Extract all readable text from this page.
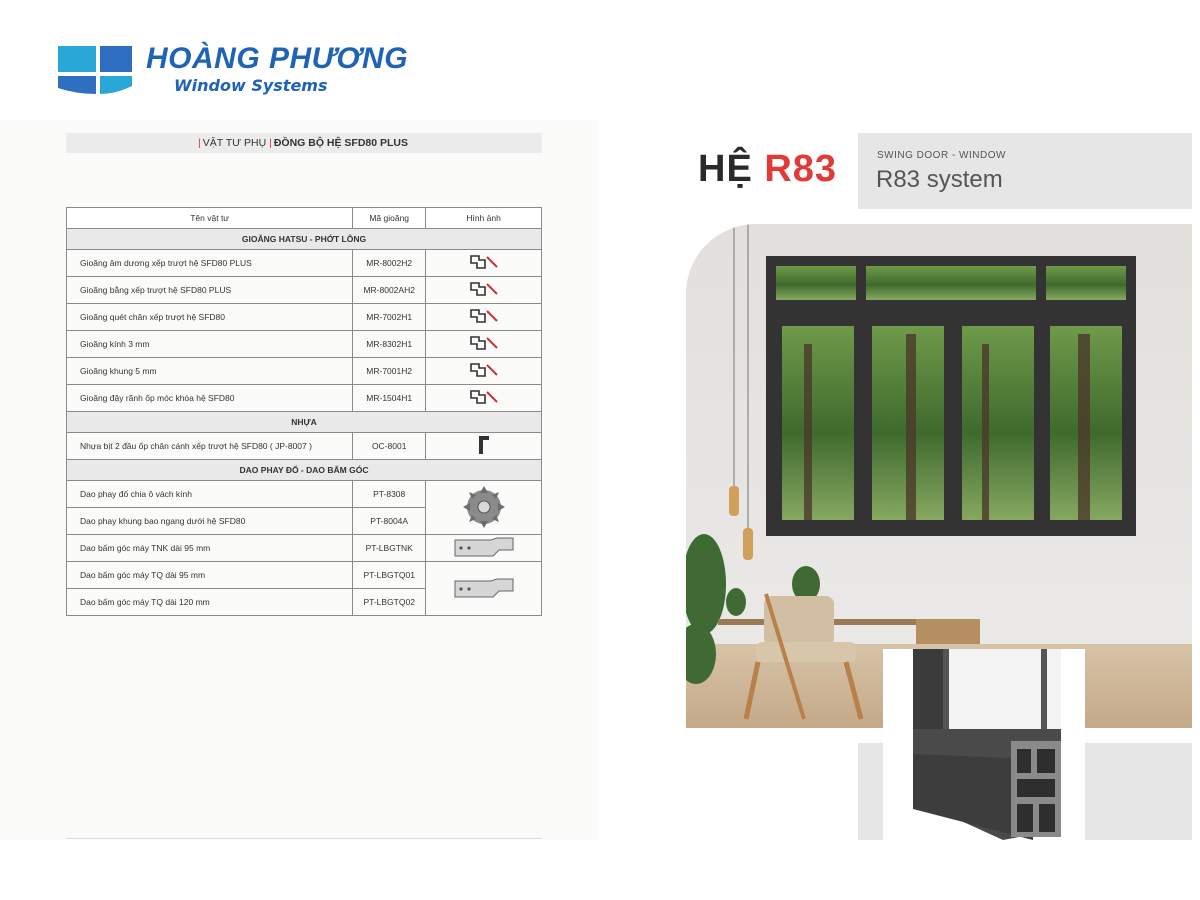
HOÀNG PHƯƠNG
Window Systems
| VẬT TƯ PHỤ | ĐỒNG BỘ HỆ SFD80 PLUS
Tên vật tư	Mã gioăng	Hình ảnh
GIOĂNG HATSU - PHỚT LÔNG		
Gioăng âm dương xếp trượt hệ SFD80 PLUS	MR-8002H2	
Gioăng bằng xếp trượt hệ SFD80 PLUS	MR-8002AH2	
Gioăng quét chân xếp trượt hệ SFD80	MR-7002H1	
Gioăng kính 3 mm	MR-8302H1	
Gioăng khung 5 mm	MR-7001H2	
Gioăng đậy rãnh ốp móc khóa hệ SFD80	MR-1504H1	
NHỰA		
Nhựa bịt 2 đầu ốp chân cánh xếp trượt hệ SFD80 ( JP-8007 )	OC-8001	
DAO PHAY ĐỐ - DAO BẤM GÓC		
Dao phay đố chia ô vách kính	PT-8308	
Dao phay khung bao ngang dưới hệ SFD80	PT-8004A	
Dao bấm góc máy TNK dài 95 mm	PT-LBGTNK	
Dao bấm góc máy TQ dài 95 mm	PT-LBGTQ01	
Dao bấm góc máy TQ dài 120 mm	PT-LBGTQ02	
HỆ R83	SWING DOOR - WINDOW
R83 system
